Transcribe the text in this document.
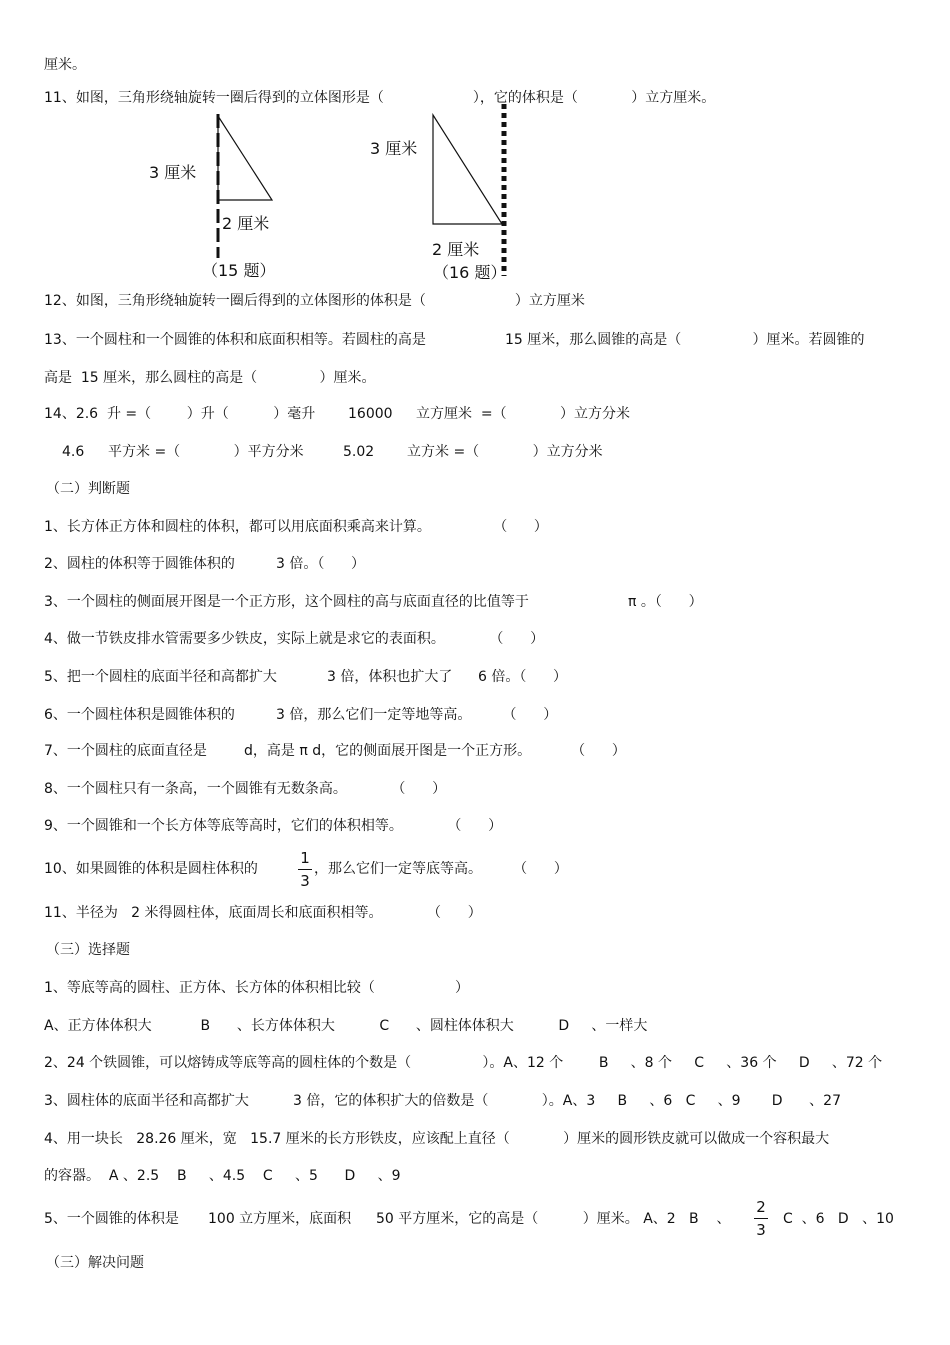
厘米。
11、如图，三角形绕轴旋转一圈后得到的立体图形是（                    ），它的体积是（            ）立方厘米。
3 厘米
2 厘米
（15 题）
3 厘米
2 厘米
（16 题）
12、如图，三角形绕轴旋转一圈后得到的立体图形的体积是（                    ）立方厘米
13、一个圆柱和一个圆锥的体积和底面积相等。若圆柱的高是	15 厘米，那么圆锥的高是（                ）厘米。若圆锥的
高是  15 厘米，那么圆柱的高是（              ）厘米。
14、2.6  升 =（        ）升（          ）毫升 16000 立方厘米  =（            ）立方分米
4.6 平方米 =（            ）平方分米	5.02 立方米 =（            ）立方分米
（二）判断题
1、长方体正方体和圆柱的体积，都可以用底面积乘高来计算。              （      ）
2、圆柱的体积等于圆锥体积的	3 倍。（      ）
3、一个圆柱的侧面展开图是一个正方形，这个圆柱的高与底面直径的比值等于	π 。（      ）
4、做一节铁皮排水管需要多少铁皮，实际上就是求它的表面积。          （      ）
5、把一个圆柱的底面半径和高都扩大	3 倍，体积也扩大了 6 倍。（      ）
6、一个圆柱体积是圆锥体积的	3 倍，那么它们一定等地等高。       （      ）
7、一个圆柱的底面直径是	d，高是 π d，它的侧面展开图是一个正方形。         （      ）
8、一个圆柱只有一条高，一个圆锥有无数条高。          （      ）
9、一个圆锥和一个长方体等底等高时，它们的体积相等。          （      ）
10、如果圆锥的体积是圆柱体积的
1
3
，那么它们一定等底等高。       （      ）
11、半径为   2 米得圆柱体，底面周长和底面积相等。          （      ）
（三）选择题
1、等底等高的圆柱、正方体、长方体的体积相比较（                  ）
A、正方体体积大           B      、长方体体积大          C      、圆柱体体积大          D     、一样大
2、24 个铁圆锥，可以熔铸成等底等高的圆柱体的个数是（                ）。A、12 个        B     、8 个     C     、36 个     D     、72 个
3、圆柱体的底面半径和高都扩大	3 倍，它的体积扩大的倍数是（            ）。A、3     B     、6   C     、9       D      、27
4、用一块长   28.26 厘米，宽   15.7 厘米的长方形铁皮，应该配上直径（            ）厘米的圆形铁皮就可以做成一个容积最大
的容器。  A 、2.5    B     、4.5    C     、5      D     、9
5、一个圆锥的体积是 100 立方厘米，底面积 50 平方厘米，它的高是（          ）厘米。 A、2   B    、
2
3
C  、6   D   、10
（三）解决问题
